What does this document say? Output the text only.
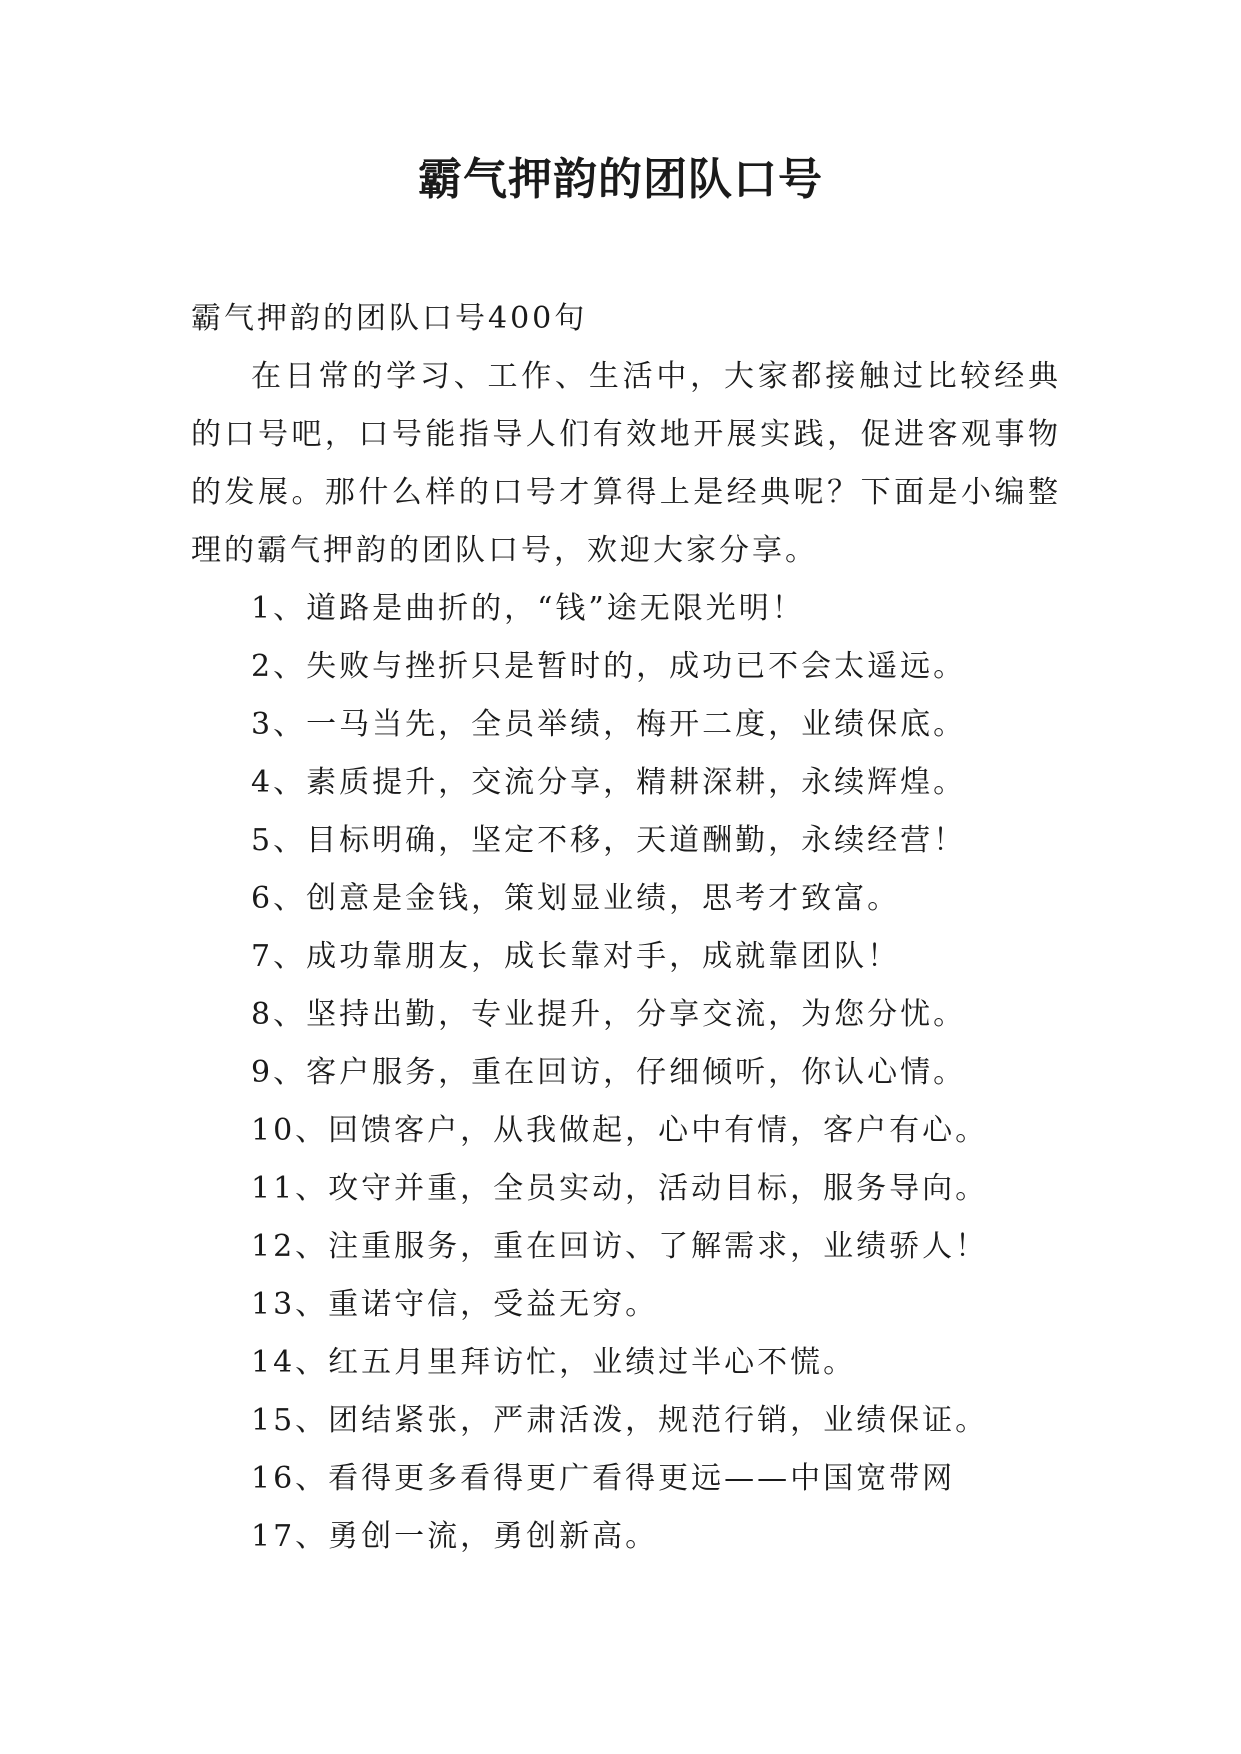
霸气押韵的团队口号

霸气押韵的团队口号400句

在日常的学习、工作、生活中，大家都接触过比较经典的口号吧，口号能指导人们有效地开展实践，促进客观事物的发展。那什么样的口号才算得上是经典呢？下面是小编整理的霸气押韵的团队口号，欢迎大家分享。

1、道路是曲折的，“钱”途无限光明！
2、失败与挫折只是暂时的，成功已不会太遥远。
3、一马当先，全员举绩，梅开二度，业绩保底。
4、素质提升，交流分享，精耕深耕，永续辉煌。
5、目标明确，坚定不移，天道酬勤，永续经营！
6、创意是金钱，策划显业绩，思考才致富。
7、成功靠朋友，成长靠对手，成就靠团队！
8、坚持出勤，专业提升，分享交流，为您分忧。
9、客户服务，重在回访，仔细倾听，你认心情。
10、回馈客户，从我做起，心中有情，客户有心。
11、攻守并重，全员实动，活动目标，服务导向。
12、注重服务，重在回访、了解需求，业绩骄人！
13、重诺守信，受益无穷。
14、红五月里拜访忙，业绩过半心不慌。
15、团结紧张，严肃活泼，规范行销，业绩保证。
16、看得更多看得更广看得更远——中国宽带网
17、勇创一流，勇创新高。
